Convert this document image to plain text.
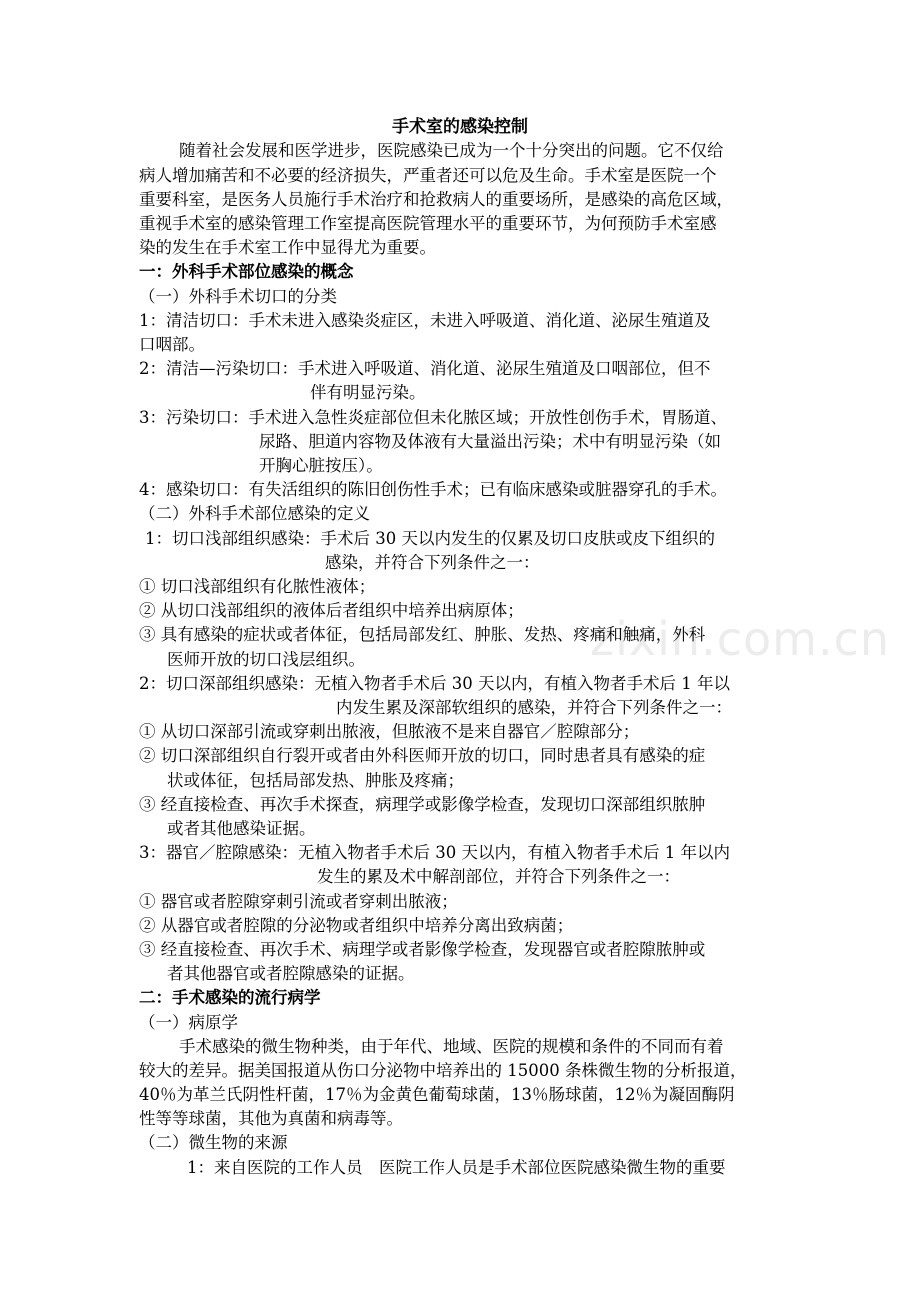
zixin.com.cn
手术室的感染控制
随着社会发展和医学进步，医院感染已成为一个十分突出的问题。它不仅给
病人增加痛苦和不必要的经济损失，严重者还可以危及生命。手术室是医院一个
重要科室，是医务人员施行手术治疗和抢救病人的重要场所，是感染的高危区域，
重视手术室的感染管理工作室提高医院管理水平的重要环节，为何预防手术室感
染的发生在手术室工作中显得尤为重要。
一：外科手术部位感染的概念
（一）外科手术切口的分类
1：清洁切口：手术未进入感染炎症区，未进入呼吸道、消化道、泌尿生殖道及
口咽部。
2：清洁—污染切口：手术进入呼吸道、消化道、泌尿生殖道及口咽部位，但不
伴有明显污染。
3：污染切口：手术进入急性炎症部位但未化脓区域；开放性创伤手术，胃肠道、
尿路、胆道内容物及体液有大量溢出污染；术中有明显污染（如
开胸心脏按压）。
4：感染切口：有失活组织的陈旧创伤性手术；已有临床感染或脏器穿孔的手术。
（二）外科手术部位感染的定义
1：切口浅部组织感染：手术后 30 天以内发生的仅累及切口皮肤或皮下组织的
感染，并符合下列条件之一：
① 切口浅部组织有化脓性液体；
② 从切口浅部组织的液体后者组织中培养出病原体；
③ 具有感染的症状或者体征，包括局部发红、肿胀、发热、疼痛和触痛，外科
医师开放的切口浅层组织。
2：切口深部组织感染：无植入物者手术后 30 天以内，有植入物者手术后 1 年以
内发生累及深部软组织的感染，并符合下列条件之一：
① 从切口深部引流或穿刺出脓液，但脓液不是来自器官／腔隙部分；
② 切口深部组织自行裂开或者由外科医师开放的切口，同时患者具有感染的症
状或体征，包括局部发热、肿胀及疼痛；
③ 经直接检查、再次手术探查，病理学或影像学检查，发现切口深部组织脓肿
或者其他感染证据。
3：器官／腔隙感染：无植入物者手术后 30 天以内，有植入物者手术后 1 年以内
发生的累及术中解剖部位，并符合下列条件之一：
① 器官或者腔隙穿刺引流或者穿刺出脓液；
② 从器官或者腔隙的分泌物或者组织中培养分离出致病菌；
③ 经直接检查、再次手术、病理学或者影像学检查，发现器官或者腔隙脓肿或
者其他器官或者腔隙感染的证据。
二：手术感染的流行病学
（一）病原学
手术感染的微生物种类，由于年代、地域、医院的规模和条件的不同而有着
较大的差异。据美国报道从伤口分泌物中培养出的 15000 条株微生物的分析报道，
40％为革兰氏阴性杆菌，17％为金黄色葡萄球菌，13％肠球菌，12％为凝固酶阴
性等等球菌，其他为真菌和病毒等。
（二）微生物的来源
1：来自医院的工作人员　医院工作人员是手术部位医院感染微生物的重要
